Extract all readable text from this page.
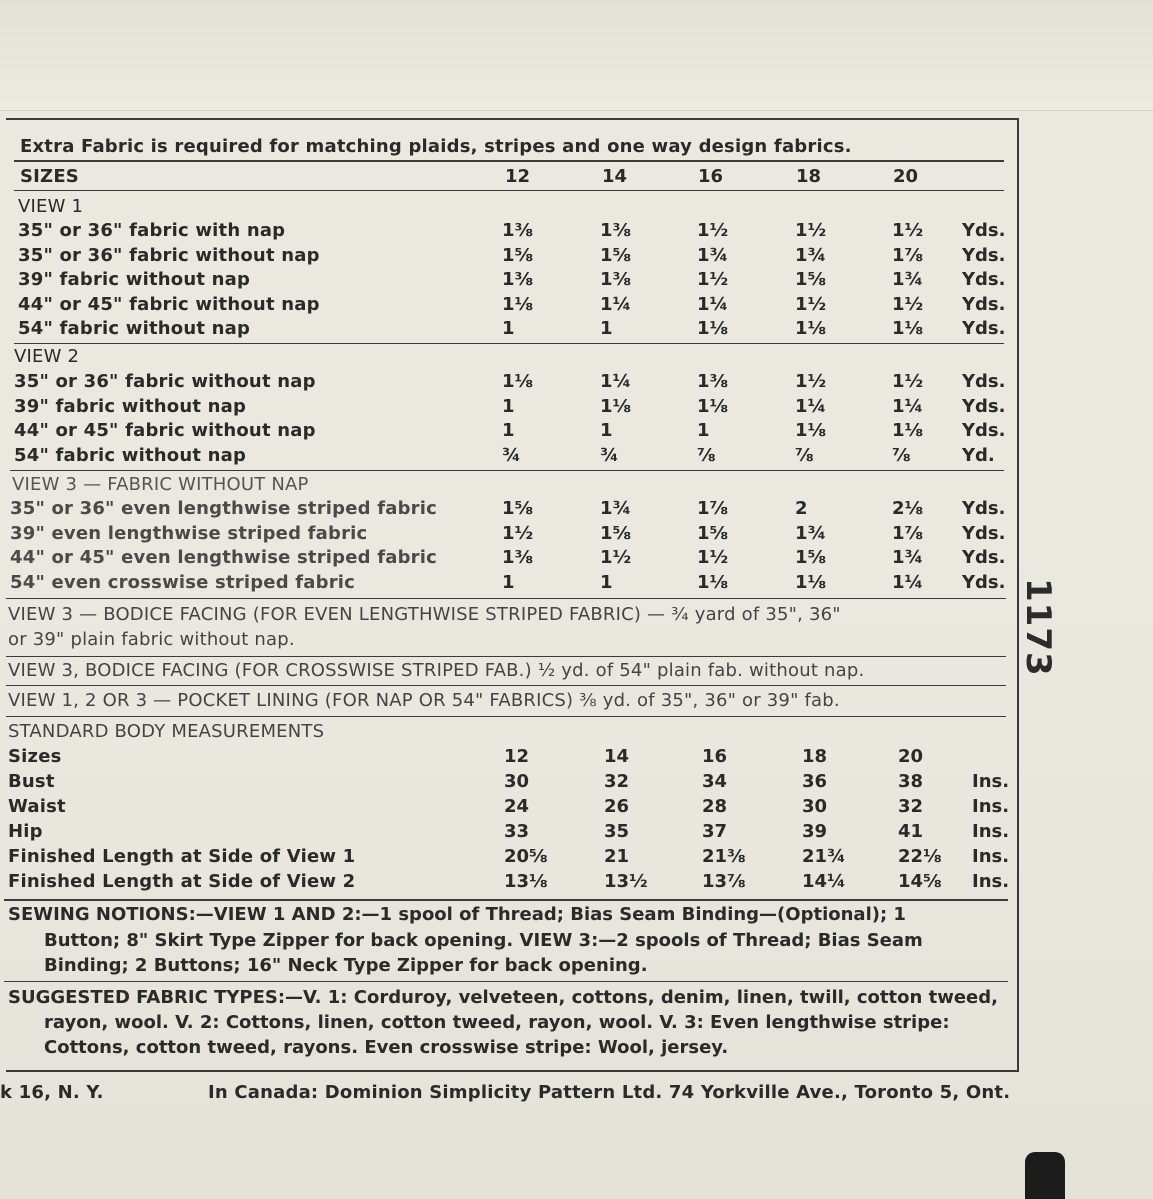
Extra Fabric is required for matching plaids, stripes and one way design fabrics.
SIZES	12	14	16	18	20
VIEW 1
35" or 36" fabric with nap	1⅜	1⅜	1½	1½	1½	Yds.
35" or 36" fabric without nap	1⅝	1⅝	1¾	1¾	1⅞	Yds.
39" fabric without nap	1⅜	1⅜	1½	1⅝	1¾	Yds.
44" or 45" fabric without nap	1⅛	1¼	1¼	1½	1½	Yds.
54" fabric without nap	1	1	1⅛	1⅛	1⅛	Yds.
VIEW 2
35" or 36" fabric without nap	1⅛	1¼	1⅜	1½	1½	Yds.
39" fabric without nap	1	1⅛	1⅛	1¼	1¼	Yds.
44" or 45" fabric without nap	1	1	1	1⅛	1⅛	Yds.
54" fabric without nap	¾	¾	⅞	⅞	⅞	Yd.
VIEW 3 — FABRIC WITHOUT NAP
35" or 36" even lengthwise striped fabric	1⅝	1¾	1⅞	2	2⅛	Yds.
39" even lengthwise striped fabric	1½	1⅝	1⅝	1¾	1⅞	Yds.
44" or 45" even lengthwise striped fabric	1⅜	1½	1½	1⅝	1¾	Yds.
54" even crosswise striped fabric	1	1	1⅛	1⅛	1¼	Yds.
VIEW 3 — BODICE FACING (FOR EVEN LENGTHWISE STRIPED FABRIC) — ¾ yard of 35", 36"
or 39" plain fabric without nap.
VIEW 3, BODICE FACING (FOR CROSSWISE STRIPED FAB.) ½ yd. of 54" plain fab. without nap.
VIEW 1, 2 OR 3 — POCKET LINING (FOR NAP OR 54" FABRICS) ⅜ yd. of 35", 36" or 39" fab.
STANDARD BODY MEASUREMENTS
Sizes	12	14	16	18	20
Bust	30	32	34	36	38	Ins.
Waist	24	26	28	30	32	Ins.
Hip	33	35	37	39	41	Ins.
Finished Length at Side of View 1	20⅝	21	21⅜	21¾	22⅛	Ins.
Finished Length at Side of View 2	13⅛	13½	13⅞	14¼	14⅝	Ins.
SEWING NOTIONS:—VIEW 1 AND 2:—1 spool of Thread; Bias Seam Binding—(Optional); 1
Button; 8" Skirt Type Zipper for back opening. VIEW 3:—2 spools of Thread; Bias Seam
Binding; 2 Buttons; 16" Neck Type Zipper for back opening.
SUGGESTED FABRIC TYPES:—V. 1: Corduroy, velveteen, cottons, denim, linen, twill, cotton tweed,
rayon, wool. V. 2: Cottons, linen, cotton tweed, rayon, wool. V. 3: Even lengthwise stripe:
Cottons, cotton tweed, rayons. Even crosswise stripe: Wool, jersey.
k 16, N. Y.	In Canada: Dominion Simplicity Pattern Ltd. 74 Yorkville Ave., Toronto 5, Ont.
1173
